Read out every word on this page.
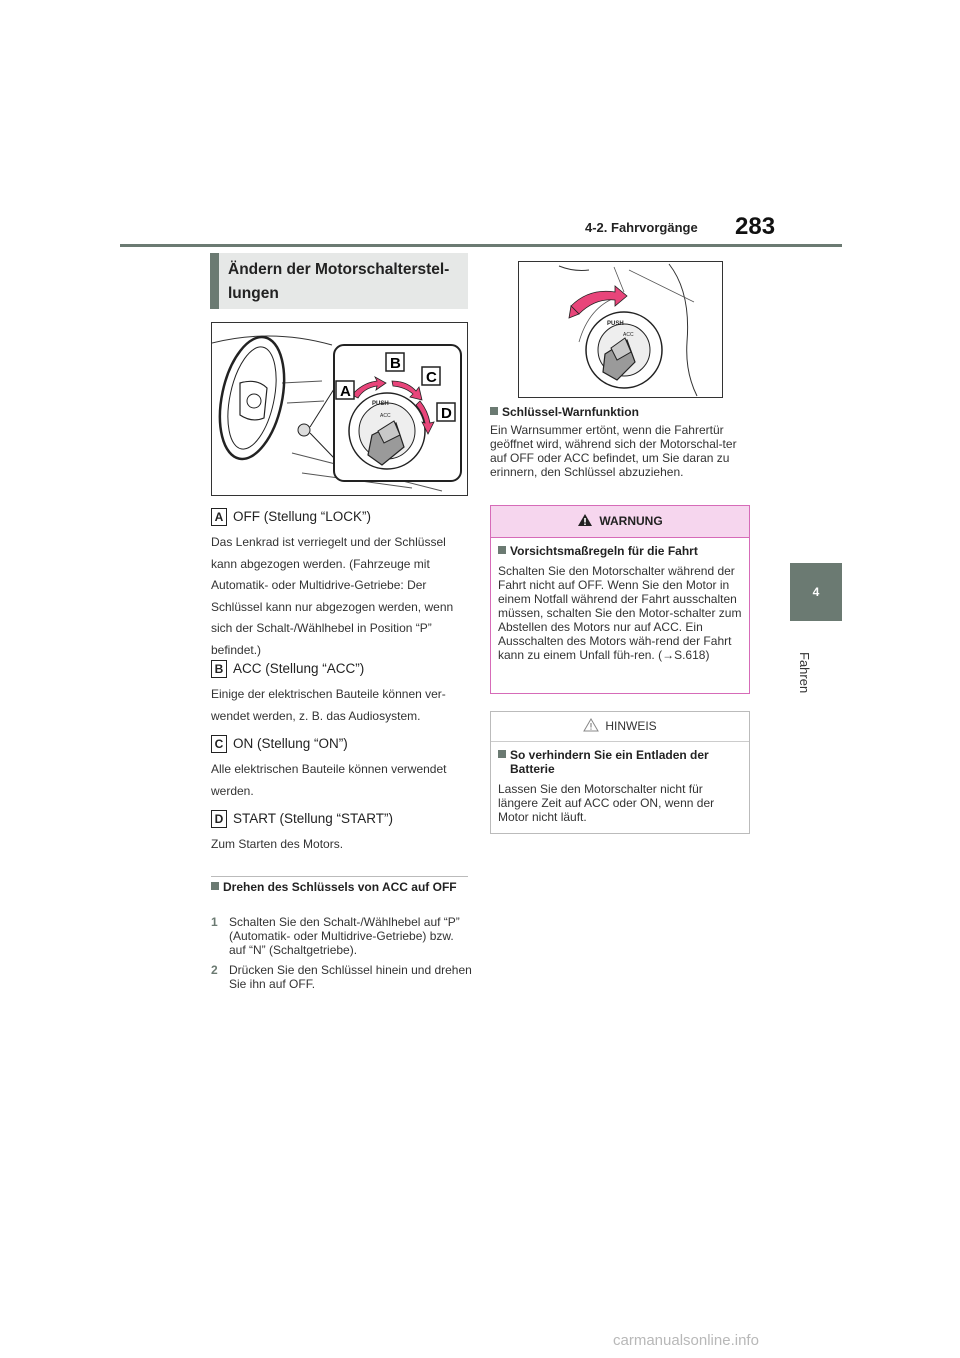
4-2. Fahrvorgänge 283
4
Fahren
Ändern der Motorschalterstel-lungen
PUSH
ACC
A
B
C
D
A OFF (Stellung “LOCK”)
Das Lenkrad ist verriegelt und der Schlüssel kann abgezogen werden. (Fahrzeuge mit Automatik- oder Multidrive-Getriebe: Der Schlüssel kann nur abgezogen werden, wenn sich der Schalt-/Wählhebel in Position “P” befindet.)
B ACC (Stellung “ACC”)
Einige der elektrischen Bauteile können ver-wendet werden, z. B. das Audiosystem.
C ON (Stellung “ON”)
Alle elektrischen Bauteile können verwendet werden.
D START (Stellung “START”)
Zum Starten des Motors.
Drehen des Schlüssels von ACC auf OFF
1 Schalten Sie den Schalt-/Wählhebel auf “P” (Automatik- oder Multidrive-Getriebe) bzw. auf “N” (Schaltgetriebe).
2 Drücken Sie den Schlüssel hinein und drehen Sie ihn auf OFF.
PUSH
ACC
Schlüssel-Warnfunktion
Ein Warnsummer ertönt, wenn die Fahrertür geöffnet wird, während sich der Motorschal-ter auf OFF oder ACC befindet, um Sie daran zu erinnern, den Schlüssel abzuziehen.
WARNUNG
Vorsichtsmaßregeln für die Fahrt
Schalten Sie den Motorschalter während der Fahrt nicht auf OFF. Wenn Sie den Motor in einem Notfall während der Fahrt ausschalten müssen, schalten Sie den Motor-schalter zum Abstellen des Motors nur auf ACC. Ein Ausschalten des Motors wäh-rend der Fahrt kann zu einem Unfall füh-ren. (→S.618)
HINWEIS
So verhindern Sie ein Entladen der Batterie
Lassen Sie den Motorschalter nicht für längere Zeit auf ACC oder ON, wenn der Motor nicht läuft.
carmanualsonline.info
